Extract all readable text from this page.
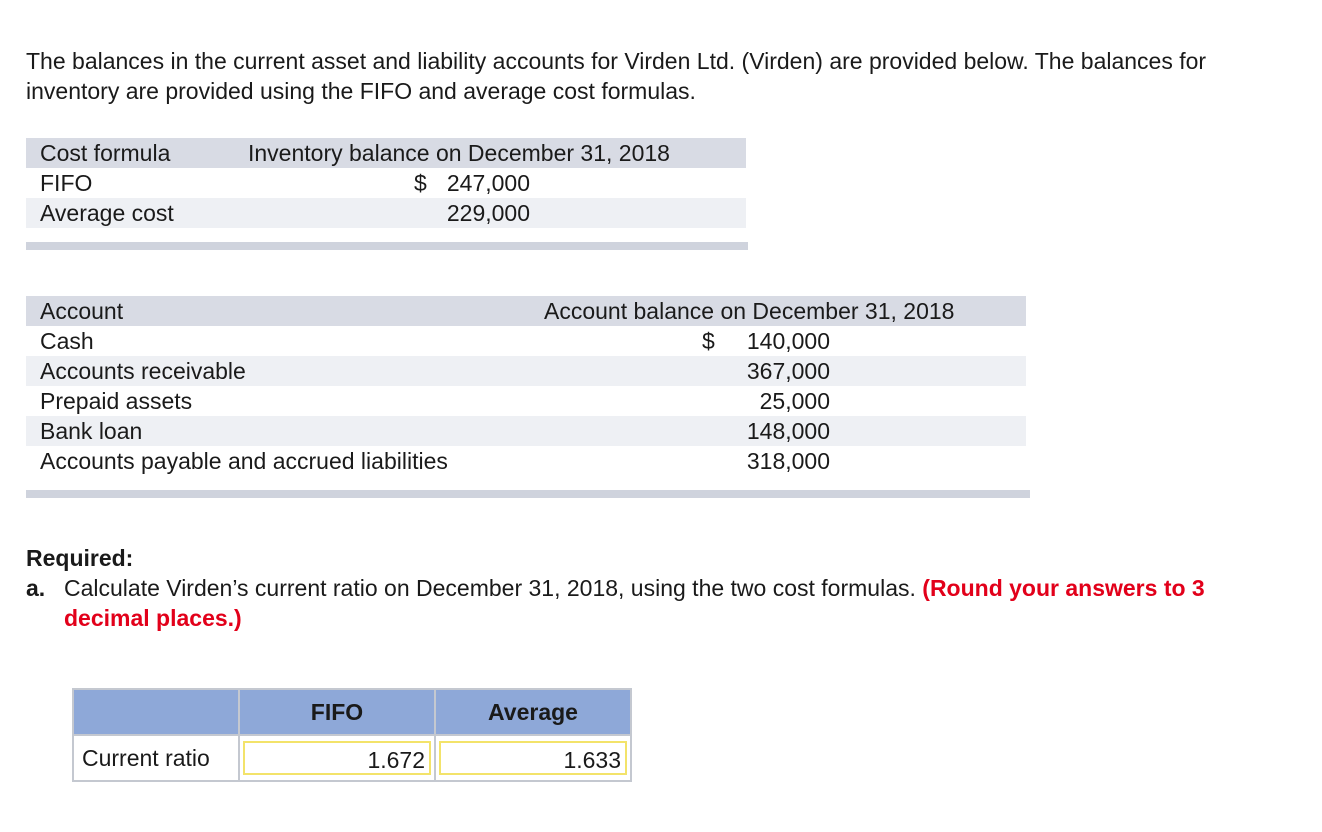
The balances in the current asset and liability accounts for Virden Ltd. (Virden) are provided below. The balances for inventory are provided using the FIFO and average cost formulas.

Cost formula	Inventory balance on December 31, 2018
FIFO	$ 247,000
Average cost	229,000
Account	Account balance on December 31, 2018
Cash	$	140,000
Accounts receivable	367,000
Prepaid assets	25,000
Bank loan	148,000
Accounts payable and accrued liabilities	318,000
Required:
a. Calculate Virden’s current ratio on December 31, 2018, using the two cost formulas. (Round your answers to 3 decimal places.)
	FIFO	Average
Current ratio	1.672	1.633
